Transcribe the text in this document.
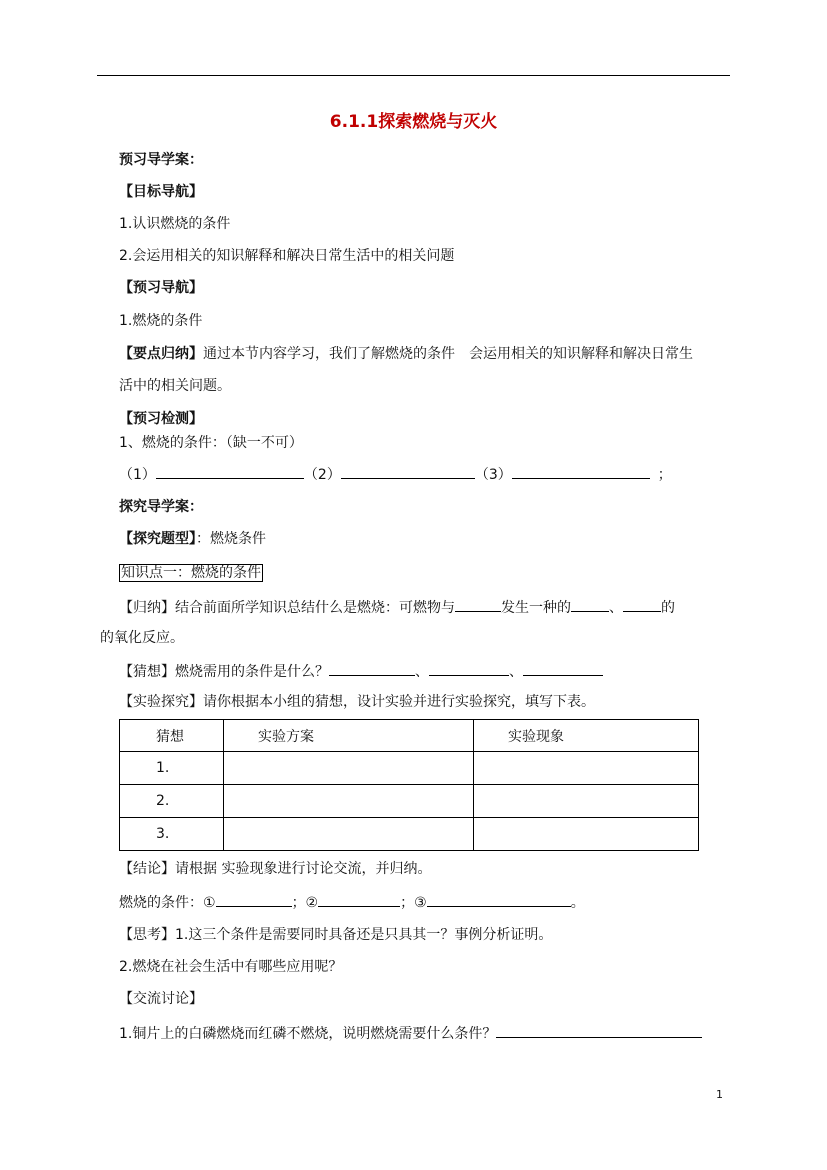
6.1.1探索燃烧与灭火
预习导学案：
【目标导航】
1.认识燃烧的条件
2.会运用相关的知识解释和解决日常生活中的相关问题
【预习导航】
1.燃烧的条件
【要点归纳】通过本节内容学习，我们了解燃烧的条件　会运用相关的知识解释和解决日常生
活中的相关问题。
【预习检测】
1、燃烧的条件：（缺一不可）
（1）	（2）	（3）	；
探究导学案：
【探究题型】：燃烧条件
知识点一：燃烧的条件
【归纳】结合前面所学知识总结什么是燃烧：可燃物与	发生一种的	、	的
的氧化反应。
【猜想】燃烧需用的条件是什么？	、	、
【实验探究】请你根据本小组的猜想，设计实验并进行实验探究，填写下表。
猜想	实验方案	实验现象
1.		
2.		
3.		
【结论】请根据 实验现象进行讨论交流，并归纳。
燃烧的条件：①	；②	；③	。
【思考】1.这三个条件是需要同时具备还是只具其一？事例分析证明。
2.燃烧在社会生活中有哪些应用呢？
【交流讨论】
1.铜片上的白磷燃烧而红磷不燃烧，说明燃烧需要什么条件？
1
